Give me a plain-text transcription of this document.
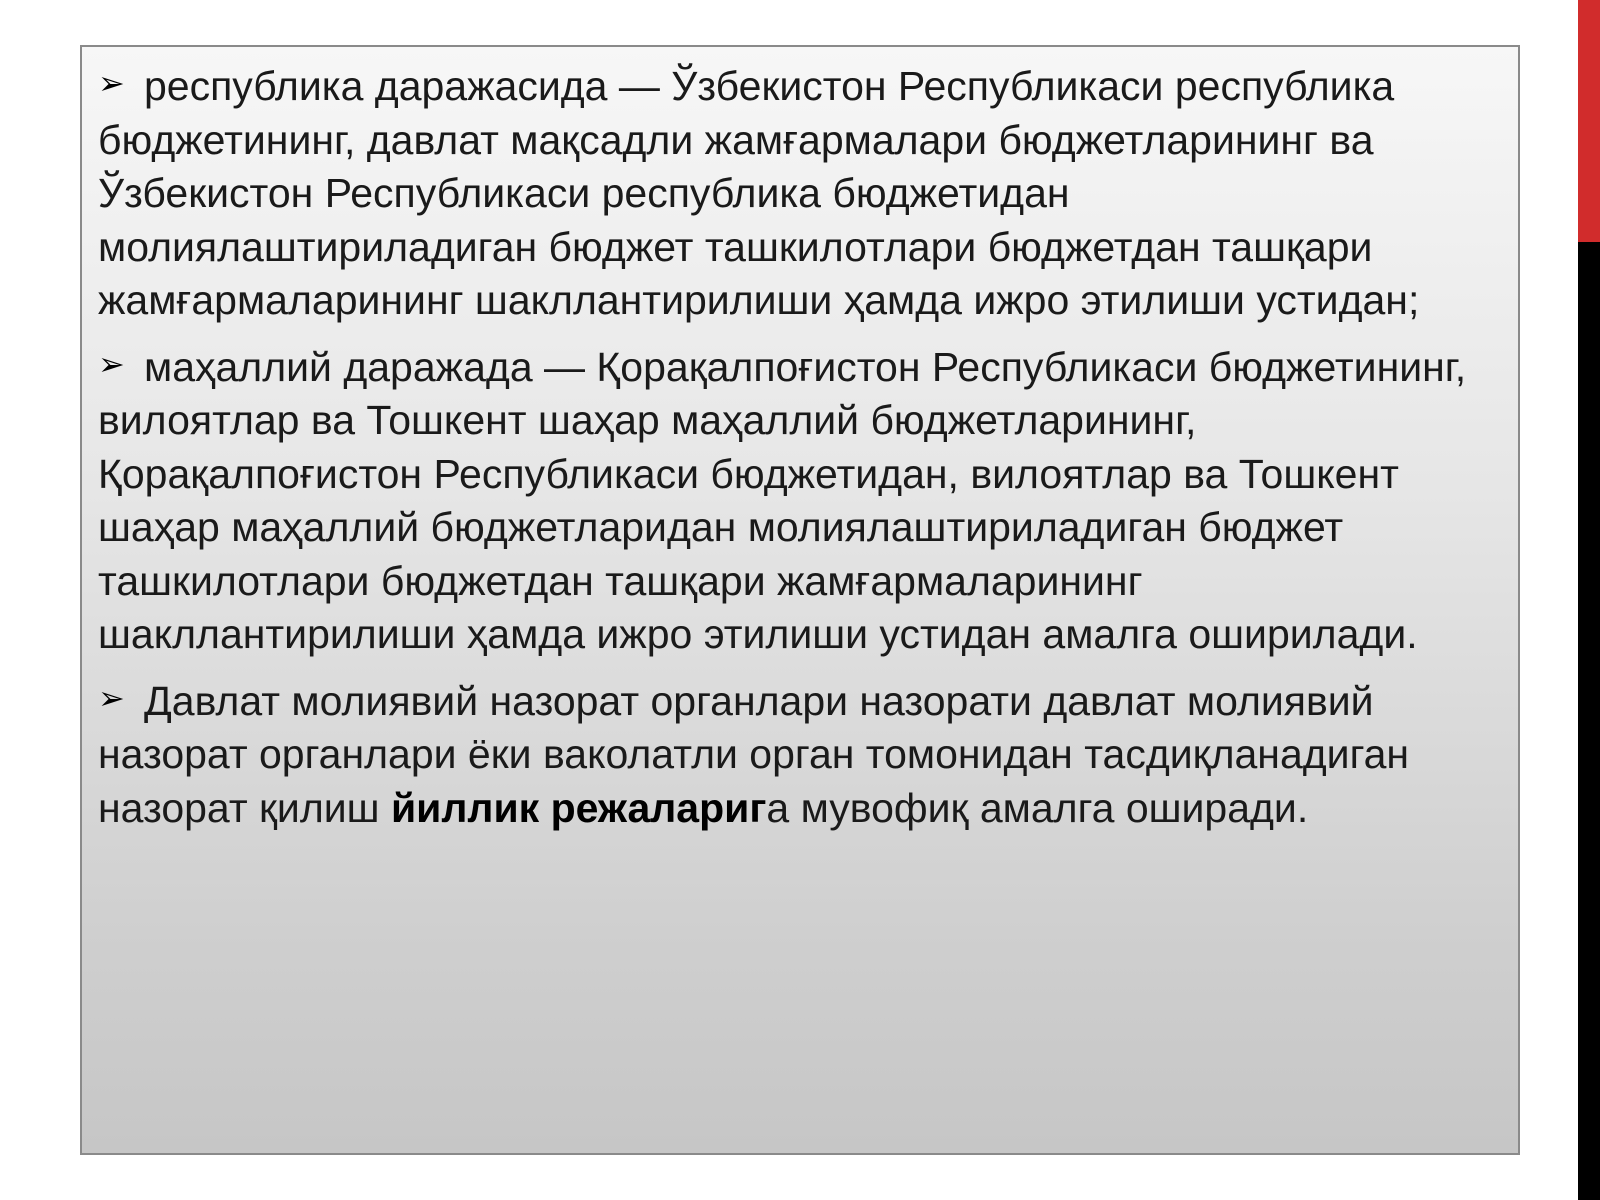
➢ республика даражасида — Ўзбекистон Республикаси республика бюджетининг, давлат мақсадли жамғармалари бюджетларининг ва Ўзбекистон Республикаси республика бюджетидан молиялаштириладиган бюджет ташкилотлари бюджетдан ташқари жамғармаларининг шакллантирилиши ҳамда ижро этилиши устидан;

➢ маҳаллий даражада — Қорақалпоғистон Республикаси бюджетининг, вилоятлар ва Тошкент шаҳар маҳаллий бюджетларининг, Қорақалпоғистон Республикаси бюджетидан, вилоятлар ва Тошкент шаҳар маҳаллий бюджетларидан молиялаштириладиган бюджет ташкилотлари бюджетдан ташқари жамғармаларининг шакллантирилиши ҳамда ижро этилиши устидан амалга оширилади.

➢ Давлат молиявий назорат органлари назорати давлат молиявий назорат органлари ёки ваколатли орган томонидан тасдиқланадиган назорат қилиш йиллик режаларига мувофиқ амалга оширади.
